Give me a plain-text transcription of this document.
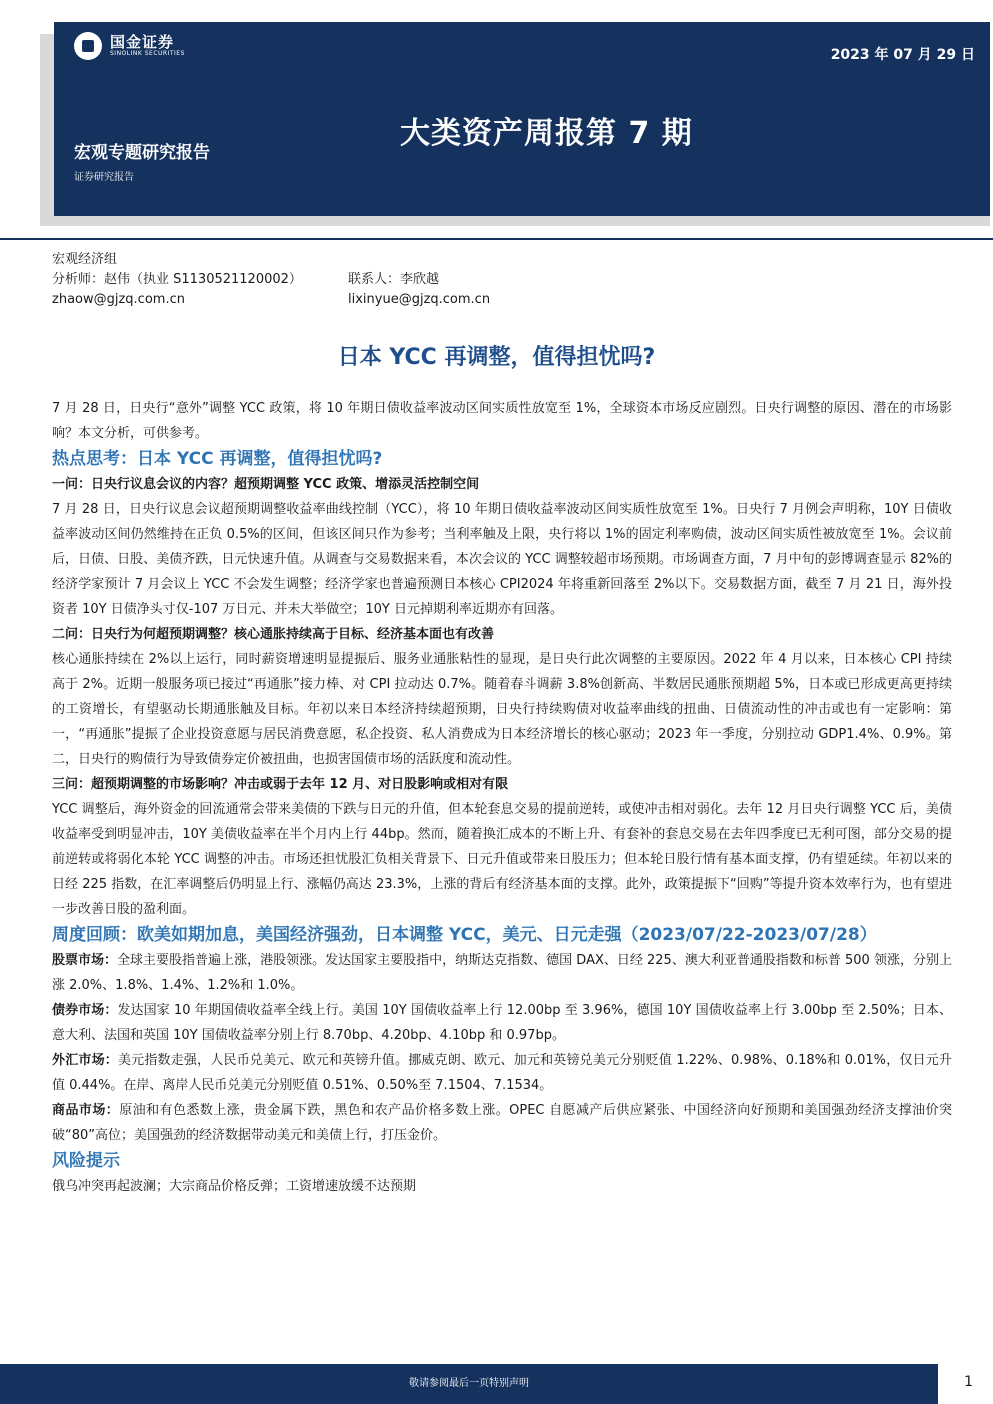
国金证券
SINOLINK SECURITIES	2023 年 07 月 29 日
大类资产周报第 7 期
宏观专题研究报告
证券研究报告
宏观经济组
分析师：赵伟（执业 S1130521120002）	联系人：李欣越
zhaow@gjzq.com.cn	lixinyue@gjzq.com.cn
日本 YCC 再调整，值得担忧吗?

7 月 28 日，日央行“意外”调整 YCC 政策，将 10 年期日债收益率波动区间实质性放宽至 1%，全球资本市场反应剧烈。日央行调整的原因、潜在的市场影响？本文分析，可供参考。

热点思考：日本 YCC 再调整，值得担忧吗?
一问：日央行议息会议的内容？超预期调整 YCC 政策、增添灵活控制空间

7 月 28 日，日央行议息会议超预期调整收益率曲线控制（YCC），将 10 年期日债收益率波动区间实质性放宽至 1%。日央行 7 月例会声明称，10Y 日债收益率波动区间仍然维持在正负 0.5%的区间，但该区间只作为参考；当利率触及上限，央行将以 1%的固定利率购债，波动区间实质性被放宽至 1%。会议前后，日债、日股、美债齐跌，日元快速升值。从调查与交易数据来看，本次会议的 YCC 调整较超市场预期。市场调查方面，7 月中旬的彭博调查显示 82%的经济学家预计 7 月会议上 YCC 不会发生调整；经济学家也普遍预测日本核心 CPI2024 年将重新回落至 2%以下。交易数据方面，截至 7 月 21 日，海外投资者 10Y 日债净头寸仅-107 万日元、并未大举做空；10Y 日元掉期利率近期亦有回落。

二问：日央行为何超预期调整？核心通胀持续高于目标、经济基本面也有改善

核心通胀持续在 2%以上运行，同时薪资增速明显提振后、服务业通胀粘性的显现，是日央行此次调整的主要原因。2022 年 4 月以来，日本核心 CPI 持续高于 2%。近期一般服务项已接过“再通胀”接力棒、对 CPI 拉动达 0.7%。随着春斗调薪 3.8%创新高、半数居民通胀预期超 5%，日本或已形成更高更持续的工资增长，有望驱动长期通胀触及目标。年初以来日本经济持续超预期，日央行持续购债对收益率曲线的扭曲、日债流动性的冲击或也有一定影响：第一，“再通胀”提振了企业投资意愿与居民消费意愿，私企投资、私人消费成为日本经济增长的核心驱动；2023 年一季度，分别拉动 GDP1.4%、0.9%。第二，日央行的购债行为导致债券定价被扭曲，也损害国债市场的活跃度和流动性。

三问：超预期调整的市场影响？冲击或弱于去年 12 月、对日股影响或相对有限

YCC 调整后，海外资金的回流通常会带来美债的下跌与日元的升值，但本轮套息交易的提前逆转，或使冲击相对弱化。去年 12 月日央行调整 YCC 后，美债收益率受到明显冲击，10Y 美债收益率在半个月内上行 44bp。然而，随着换汇成本的不断上升、有套补的套息交易在去年四季度已无利可图，部分交易的提前逆转或将弱化本轮 YCC 调整的冲击。市场还担忧股汇负相关背景下、日元升值或带来日股压力；但本轮日股行情有基本面支撑，仍有望延续。年初以来的日经 225 指数，在汇率调整后仍明显上行、涨幅仍高达 23.3%，上涨的背后有经济基本面的支撑。此外，政策提振下“回购”等提升资本效率行为，也有望进一步改善日股的盈利面。

周度回顾：欧美如期加息，美国经济强劲，日本调整 YCC，美元、日元走强（2023/07/22-2023/07/28）

股票市场：全球主要股指普遍上涨，港股领涨。发达国家主要股指中，纳斯达克指数、德国 DAX、日经 225、澳大利亚普通股指数和标普 500 领涨，分别上涨 2.0%、1.8%、1.4%、1.2%和 1.0%。

债券市场：发达国家 10 年期国债收益率全线上行。美国 10Y 国债收益率上行 12.00bp 至 3.96%，德国 10Y 国债收益率上行 3.00bp 至 2.50%；日本、意大利、法国和英国 10Y 国债收益率分别上行 8.70bp、4.20bp、4.10bp 和 0.97bp。

外汇市场：美元指数走强，人民币兑美元、欧元和英镑升值。挪威克朗、欧元、加元和英镑兑美元分别贬值 1.22%、0.98%、0.18%和 0.01%，仅日元升值 0.44%。在岸、离岸人民币兑美元分别贬值 0.51%、0.50%至 7.1504、7.1534。

商品市场：原油和有色悉数上涨，贵金属下跌，黑色和农产品价格多数上涨。OPEC 自愿减产后供应紧张、中国经济向好预期和美国强劲经济支撑油价突破“80”高位；美国强劲的经济数据带动美元和美债上行，打压金价。

风险提示

俄乌冲突再起波澜；大宗商品价格反弹；工资增速放缓不达预期

敬请参阅最后一页特别声明	1
